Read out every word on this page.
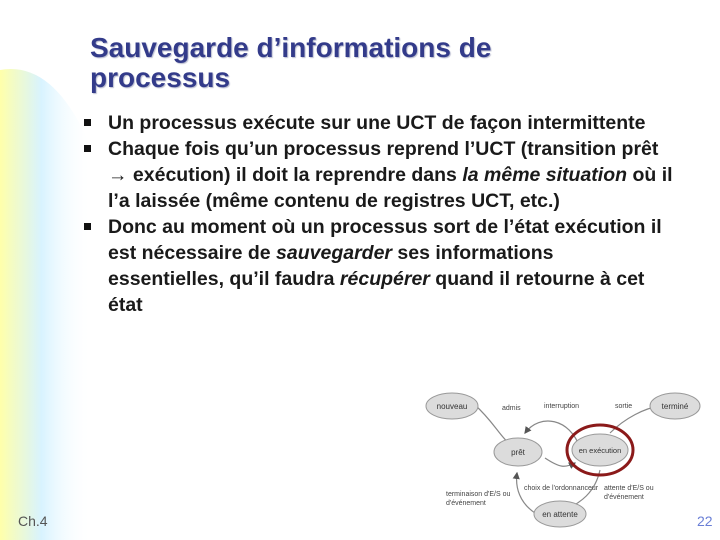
Sauvegarde d’informations de
processus
Un processus exécute sur une UCT de façon intermittente
Chaque fois qu’un processus reprend l’UCT (transition prêt → exécution) il doit la reprendre dans la même situation où il l’a laissée (même contenu de registres UCT, etc.)
Donc au moment où un processus sort de l’état exécution il est nécessaire de sauvegarder ses informations essentielles, qu’il faudra récupérer quand il retourne à cet état
nouveau
prêt	en exécution
terminé
en attente
admis	interruption	sortie
terminaison d'E/S ou
d'événement
choix de l'ordonnanceur attente d'E/S ou
d'événement
Ch.4	22
